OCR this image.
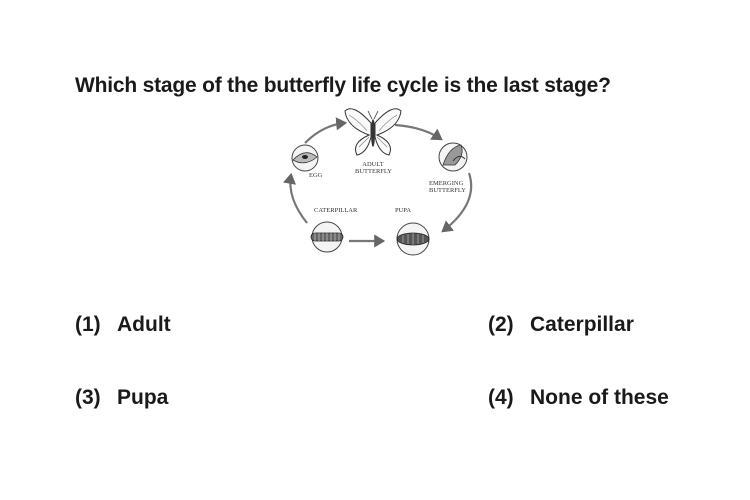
Which stage of the butterfly life cycle is the last stage?
EGG
ADULT
BUTTERFLY
EMERGING
BUTTERFLY
CATERPILLAR	PUPA
(1) Adult	(2) Caterpillar
(3) Pupa	(4) None of these
